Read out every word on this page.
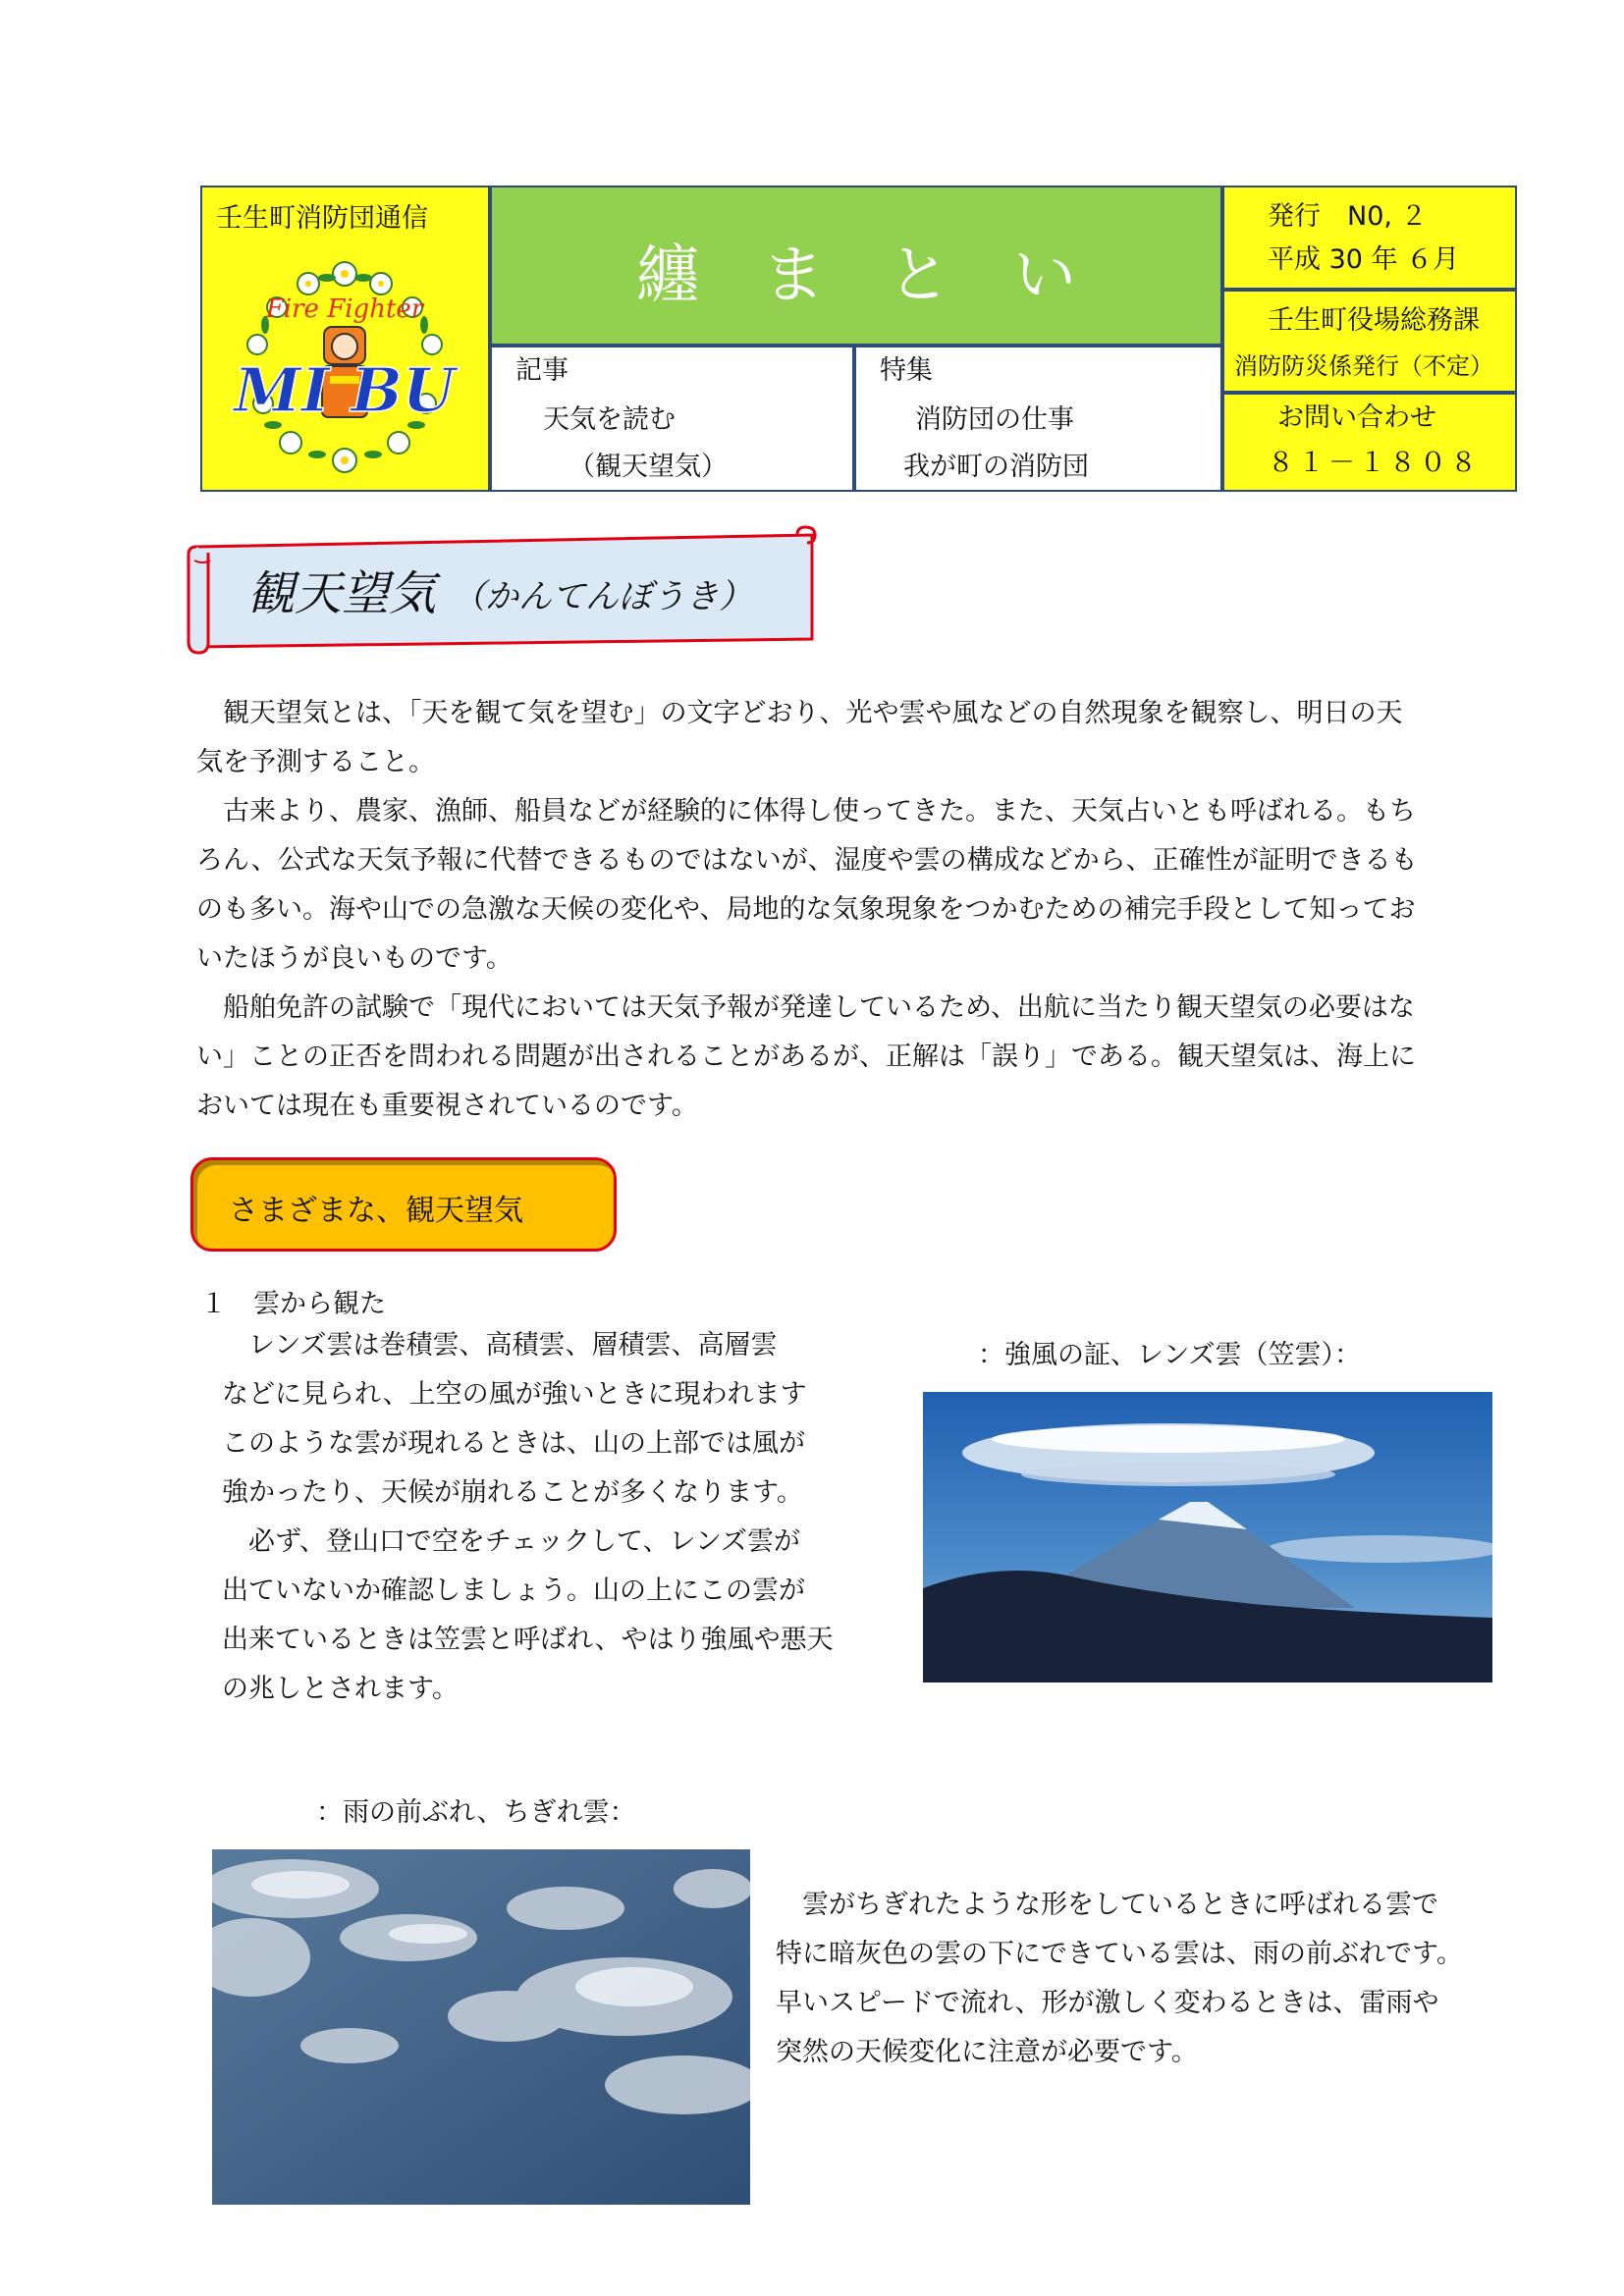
壬生町消防団通信
Fire Fighter
MI BU
纏　ま　と　い
記事
天気を読む
（観天望気）
特集
消防団の仕事
我が町の消防団
発行　N0, ２
平成 30 年 ６月
壬生町役場総務課
消防防災係発行（不定）
お問い合わせ
８１－１８０８
観天望気 （かんてんぼうき）
　観天望気とは、「天を観て気を望む」の文字どおり、光や雲や風などの自然現象を観察し、明日の天
気を予測すること。
　古来より、農家、漁師、船員などが経験的に体得し使ってきた。また、天気占いとも呼ばれる。もち
ろん、公式な天気予報に代替できるものではないが、湿度や雲の構成などから、正確性が証明できるも
のも多い。海や山での急激な天候の変化や、局地的な気象現象をつかむための補完手段として知ってお
いたほうが良いものです。
　船舶免許の試験で「現代においては天気予報が発達しているため、出航に当たり観天望気の必要はな
い」ことの正否を問われる問題が出されることがあるが、正解は「誤り」である。観天望気は、海上に
おいては現在も重要視されているのです。
さまざまな、観天望気
１　雲から観た
　レンズ雲は巻積雲、高積雲、層積雲、高層雲
などに見られ、上空の風が強いときに現われます
このような雲が現れるときは、山の上部では風が
強かったり、天候が崩れることが多くなります。
　必ず、登山口で空をチェックして、レンズ雲が
出ていないか確認しましょう。山の上にこの雲が
出来ているときは笠雲と呼ばれ、やはり強風や悪天
の兆しとされます。
：強風の証、レンズ雲（笠雲）：
：雨の前ぶれ、ちぎれ雲：
　雲がちぎれたような形をしているときに呼ばれる雲で
特に暗灰色の雲の下にできている雲は、雨の前ぶれです。
早いスピードで流れ、形が激しく変わるときは、雷雨や
突然の天候変化に注意が必要です。
